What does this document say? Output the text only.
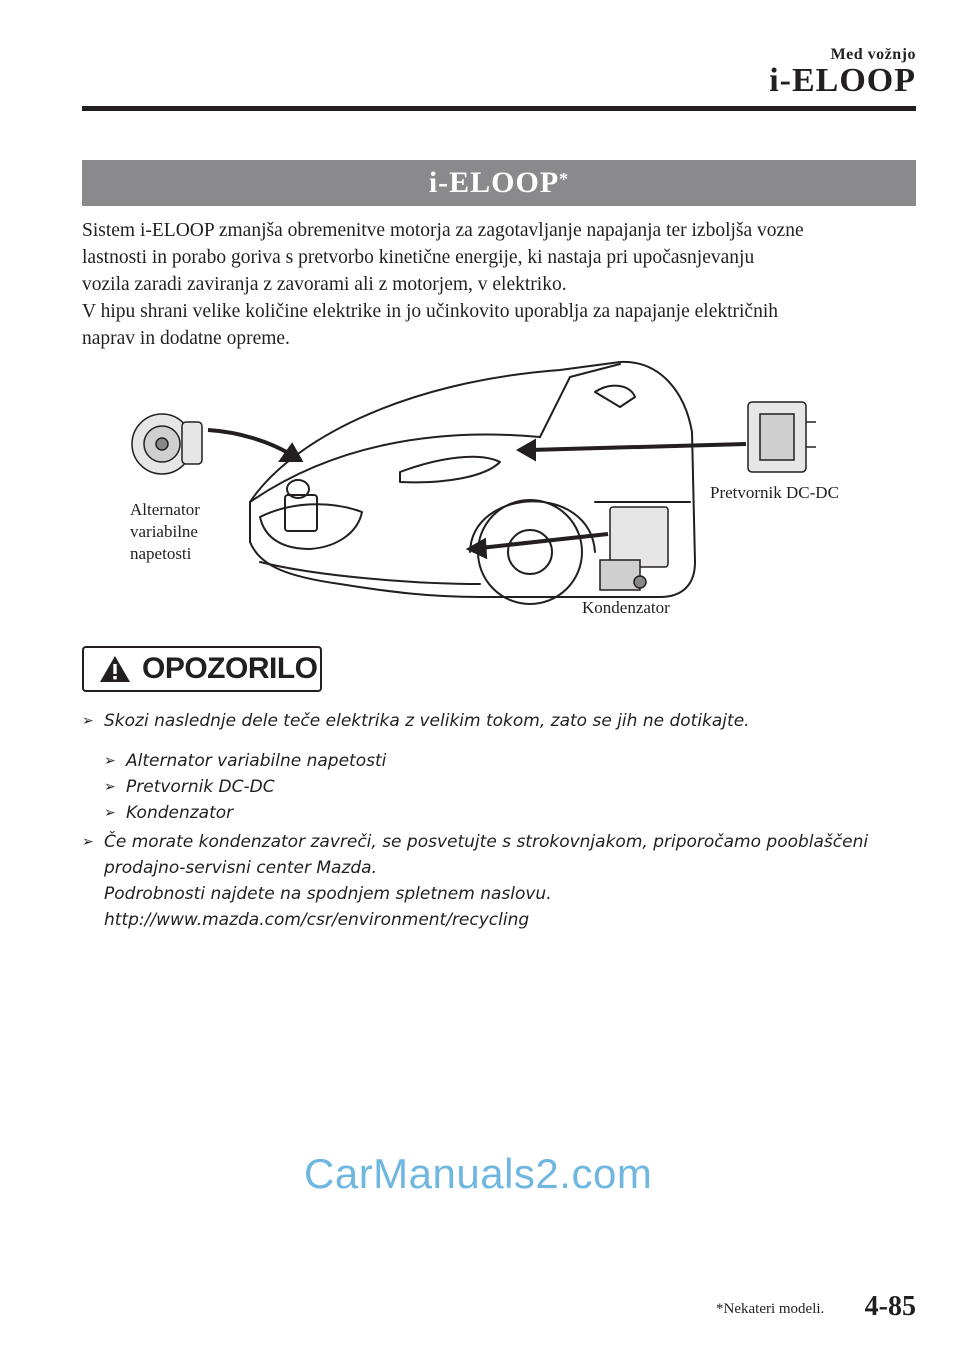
Med vožnjo
i-ELOOP
i-ELOOP*

Sistem i-ELOOP zmanjša obremenitve motorja za zagotavljanje napajanja ter izboljša vozne
lastnosti in porabo goriva s pretvorbo kinetične energije, ki nastaja pri upočasnjevanju
vozila zaradi zaviranja z zavorami ali z motorjem, v elektriko.
V hipu shrani velike količine elektrike in jo učinkovito uporablja za napajanje električnih
naprav in dodatne opreme.

Alternator
variabilne
napetosti
Pretvornik DC-DC
Kondenzator
OPOZORILO
➢ Skozi naslednje dele teče elektrika z velikim tokom, zato se jih ne dotikajte.
➢ Alternator variabilne napetosti
➢ Pretvornik DC-DC
➢ Kondenzator
➢ Če morate kondenzator zavreči, se posvetujte s strokovnjakom, priporočamo pooblaščeni
prodajno-servisni center Mazda.
Podrobnosti najdete na spodnjem spletnem naslovu.
http://www.mazda.com/csr/environment/recycling
CarManuals2.com
*Nekateri modeli. 4-85
